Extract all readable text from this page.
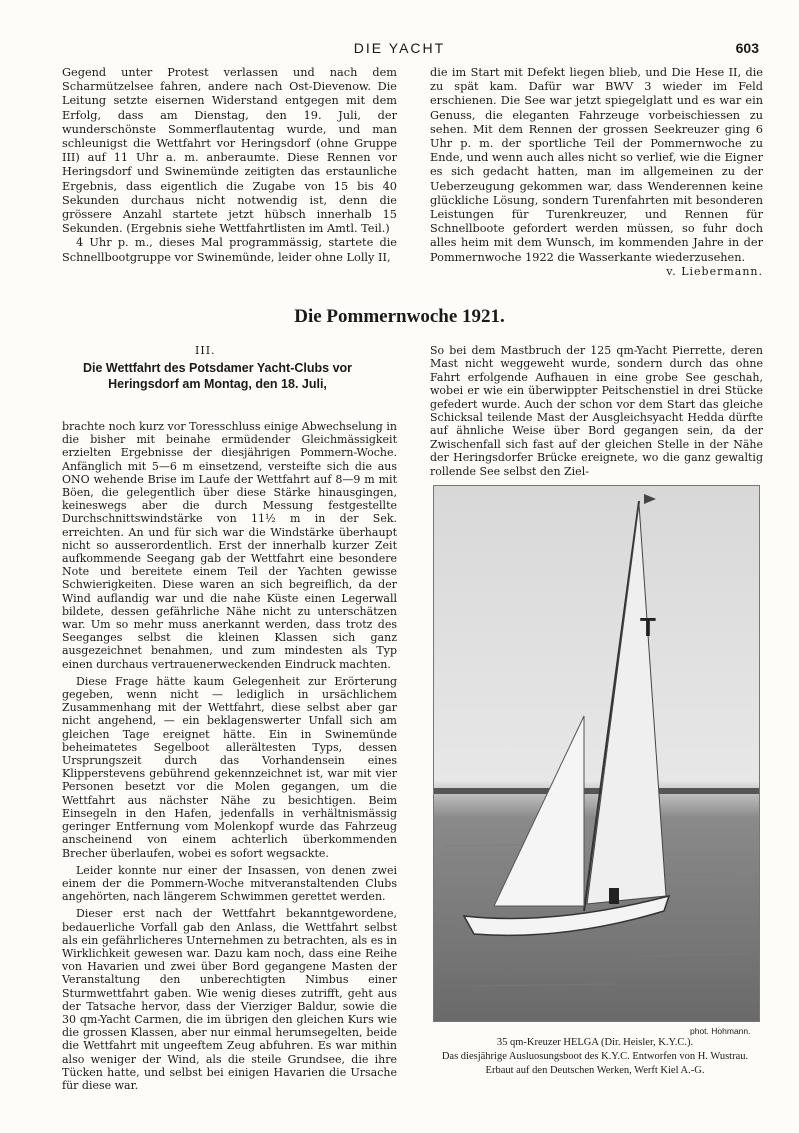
DIE YACHT	603

Gegend unter Protest verlassen und nach dem Scharmützelsee fahren, andere nach Ost-Dievenow. Die Leitung setzte eisernen Widerstand entgegen mit dem Erfolg, dass am Dienstag, den 19. Juli, der wunderschönste Sommerflautentag wurde, und man schleunigst die Wettfahrt vor Heringsdorf (ohne Gruppe III) auf 11 Uhr a. m. anberaumte. Diese Rennen vor Heringsdorf und Swinemünde zeitigten das erstaunliche Ergebnis, dass eigentlich die Zugabe von 15 bis 40 Sekunden durchaus nicht notwendig ist, denn die grössere Anzahl startete jetzt hübsch innerhalb 15 Sekunden. (Ergebnis siehe Wettfahrtlisten im Amtl. Teil.)

4 Uhr p. m., dieses Mal programmässig, startete die Schnellbootgruppe vor Swinemünde, leider ohne Lolly II,

die im Start mit Defekt liegen blieb, und Die Hese II, die zu spät kam. Dafür war BWV 3 wieder im Feld erschienen. Die See war jetzt spiegelglatt und es war ein Genuss, die eleganten Fahrzeuge vorbeischiessen zu sehen. Mit dem Rennen der grossen Seekreuzer ging 6 Uhr p. m. der sportliche Teil der Pommernwoche zu Ende, und wenn auch alles nicht so verlief, wie die Eigner es sich gedacht hatten, man im allgemeinen zu der Ueberzeugung gekommen war, dass Wenderennen keine glückliche Lösung, sondern Turenfahrten mit besonderen Leistungen für Turenkreuzer, und Rennen für Schnellboote gefordert werden müssen, so fuhr doch alles heim mit dem Wunsch, im kommenden Jahre in der Pommernwoche 1922 die Wasserkante wiederzusehen.

v. Liebermann.
Die Pommernwoche 1921.
III.
Die Wettfahrt des Potsdamer Yacht-Clubs vor Heringsdorf am Montag, den 18. Juli,

brachte noch kurz vor Toresschluss einige Abwechselung in die bisher mit beinahe ermüdender Gleichmässigkeit erzielten Ergebnisse der diesjährigen Pommern-Woche. Anfänglich mit 5—6 m einsetzend, versteifte sich die aus ONO wehende Brise im Laufe der Wettfahrt auf 8—9 m mit Böen, die gelegentlich über diese Stärke hinausgingen, keineswegs aber die durch Messung festgestellte Durchschnittswindstärke von 11½ m in der Sek. erreichten. An und für sich war die Windstärke überhaupt nicht so ausserordentlich. Erst der innerhalb kurzer Zeit aufkommende Seegang gab der Wettfahrt eine besondere Note und bereitete einem Teil der Yachten gewisse Schwierigkeiten. Diese waren an sich begreiflich, da der Wind auflandig war und die nahe Küste einen Legerwall bildete, dessen gefährliche Nähe nicht zu unterschätzen war. Um so mehr muss anerkannt werden, dass trotz des Seeganges selbst die kleinen Klassen sich ganz ausgezeichnet benahmen, und zum mindesten als Typ einen durchaus vertrauenerweckenden Eindruck machten.

Diese Frage hätte kaum Gelegenheit zur Erörterung gegeben, wenn nicht — lediglich in ursächlichem Zusammenhang mit der Wettfahrt, diese selbst aber gar nicht angehend, — ein beklagenswerter Unfall sich am gleichen Tage ereignet hätte. Ein in Swinemünde beheimatetes Segelboot allerältesten Typs, dessen Ursprungszeit durch das Vorhandensein eines Klipperstevens gebührend gekennzeichnet ist, war mit vier Personen besetzt vor die Molen gegangen, um die Wettfahrt aus nächster Nähe zu besichtigen. Beim Einsegeln in den Hafen, jedenfalls in verhältnismässig geringer Entfernung vom Molenkopf wurde das Fahrzeug anscheinend von einem achterlich überkommenden Brecher überlaufen, wobei es sofort wegsackte.

Leider konnte nur einer der Insassen, von denen zwei einem der die Pommern-Woche mitveranstaltenden Clubs angehörten, nach längerem Schwimmen gerettet werden.

Dieser erst nach der Wettfahrt bekanntgewordene, bedauerliche Vorfall gab den Anlass, die Wettfahrt selbst als ein gefährlicheres Unternehmen zu betrachten, als es in Wirklichkeit gewesen war. Dazu kam noch, dass eine Reihe von Havarien und zwei über Bord gegangene Masten der Veranstaltung den unberechtigten Nimbus einer Sturmwettfahrt gaben. Wie wenig dieses zutrifft, geht aus der Tatsache hervor, dass der Vierziger Baldur, sowie die 30 qm-Yacht Carmen, die im übrigen den gleichen Kurs wie die grossen Klassen, aber nur einmal herumsegelten, beide die Wettfahrt mit ungeeftem Zeug abfuhren. Es war mithin also weniger der Wind, als die steile Grundsee, die ihre Tücken hatte, und selbst bei einigen Havarien die Ursache für diese war.

So bei dem Mastbruch der 125 qm-Yacht Pierrette, deren Mast nicht weggeweht wurde, sondern durch das ohne Fahrt erfolgende Aufhauen in eine grobe See geschah, wobei er wie ein überwippter Peitschenstiel in drei Stücke gefedert wurde. Auch der schon vor dem Start das gleiche Schicksal teilende Mast der Ausgleichsyacht Hedda dürfte auf ähnliche Weise über Bord gegangen sein, da der Zwischenfall sich fast auf der gleichen Stelle in der Nähe der Heringsdorfer Brücke ereignete, wo die ganz gewaltig rollende See selbst den Ziel-

T
phot. Hohmann.
35 qm-Kreuzer HELGA (Dir. Heisler, K.Y.C.).
Das diesjährige Ausluosungsboot des K.Y.C. Entworfen von H. Wustrau.
Erbaut auf den Deutschen Werken, Werft Kiel A.-G.
